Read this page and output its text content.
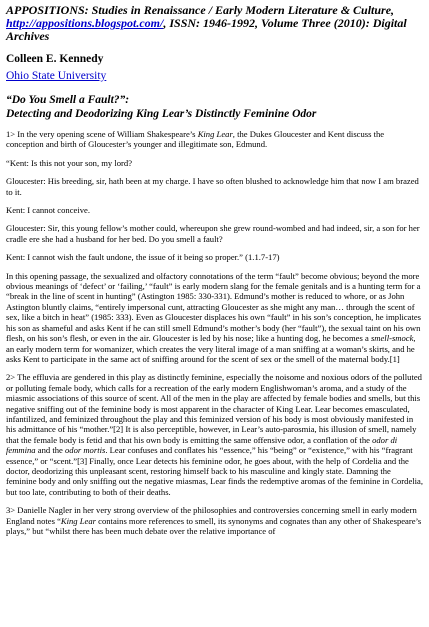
APPOSITIONS: Studies in Renaissance / Early Modern Literature & Culture, http://appositions.blogspot.com/, ISSN: 1946-1992, Volume Three (2010): Digital Archives
Colleen E. Kennedy
Ohio State University
“Do You Smell a Fault?”:
Detecting and Deodorizing King Lear’s Distinctly Feminine Odor

1> In the very opening scene of William Shakespeare’s King Lear, the Dukes Gloucester and Kent discuss the conception and birth of Gloucester’s younger and illegitimate son, Edmund.

“Kent: Is this not your son, my lord?

Gloucester: His breeding, sir, hath been at my charge. I have so often blushed to acknowledge him that now I am brazed to it.

Kent: I cannot conceive.

Gloucester: Sir, this young fellow’s mother could, whereupon she grew round-wombed and had indeed, sir, a son for her cradle ere she had a husband for her bed. Do you smell a fault?

Kent: I cannot wish the fault undone, the issue of it being so proper.” (1.1.7-17)

In this opening passage, the sexualized and olfactory connotations of the term “fault” become obvious; beyond the more obvious meanings of ‘defect’ or ‘failing,’ “fault” is early modern slang for the female genitals and is a hunting term for a “break in the line of scent in hunting” (Astington 1985: 330-331). Edmund’s mother is reduced to whore, or as John Astington bluntly claims, “entirely impersonal cunt, attracting Gloucester as she might any man… through the scent of sex, like a bitch in heat” (1985: 333). Even as Gloucester displaces his own “fault” in his son’s conception, he implicates his son as shameful and asks Kent if he can still smell Edmund’s mother’s body (her “fault”), the sexual taint on his own flesh, on his son’s flesh, or even in the air. Gloucester is led by his nose; like a hunting dog, he becomes a smell-smock, an early modern term for womanizer, which creates the very literal image of a man sniffing at a woman’s skirts, and he asks Kent to participate in the same act of sniffing around for the scent of sex or the smell of the maternal body.[1]

2> The effluvia are gendered in this play as distinctly feminine, especially the noisome and noxious odors of the polluted or polluting female body, which calls for a recreation of the early modern Englishwoman’s aroma, and a study of the miasmic associations of this source of scent. All of the men in the play are affected by female bodies and smells, but this negative sniffing out of the feminine body is most apparent in the character of King Lear. Lear becomes emasculated, infantilized, and feminized throughout the play and this feminized version of his body is most obviously manifested in his admittance of his “mother.”[2] It is also perceptible, however, in Lear’s auto-parosmia, his illusion of smell, namely that the female body is fetid and that his own body is emitting the same offensive odor, a conflation of the odor di femmina and the odor mortis. Lear confuses and conflates his “essence,” his “being” or “existence,” with his “fragrant essence,” or “scent.”[3] Finally, once Lear detects his feminine odor, he goes about, with the help of Cordelia and the doctor, deodorizing this unpleasant scent, restoring himself back to his masculine and kingly state. Damning the feminine body and only sniffing out the negative miasmas, Lear finds the redemptive aromas of the feminine in Cordelia, but too late, contributing to both of their deaths.

3> Danielle Nagler in her very strong overview of the philosophies and controversies concerning smell in early modern England notes “King Lear contains more references to smell, its synonyms and cognates than any other of Shakespeare’s plays,” but “whilst there has been much debate over the relative importance of
